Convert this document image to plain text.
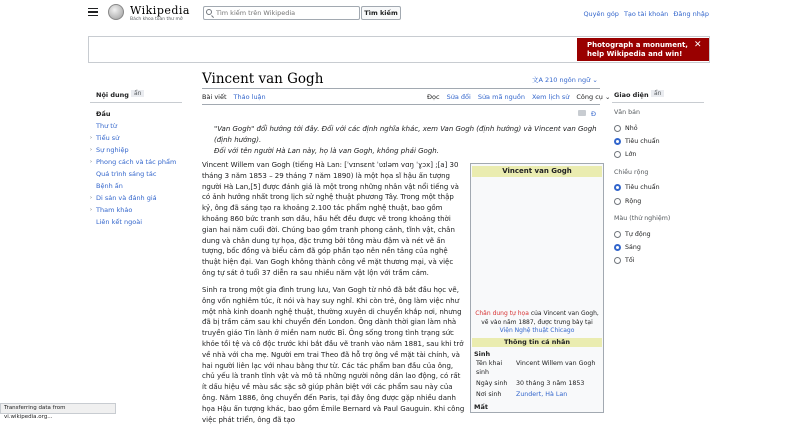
Wikipedia
Bách khoa toàn thư mở
Tìm kiếm trên Wikipedia
Tìm kiếm	Quyên góp Tạo tài khoản Đăng nhập
Photograph a monument,
help Wikipedia and win!
✕
Nội dung ẩn
Đầu
Thư từ
› Tiểu sử
› Sự nghiệp
› Phong cách và tác phẩm
Quá trình sáng tác
Bệnh ấn
› Di sản và đánh giá
› Tham khảo
Liên kết ngoài
Vincent van Gogh	文A 210 ngôn ngữ ⌄
Bài viết Thảo luận	Đọc Sửa đổi Sửa mã nguồn Xem lịch sử Công cụ ⌄
Đ
"Van Gogh" đổi hướng tới đây. Đối với các định nghĩa khác, xem Van Gogh (định hướng) và Vincent van Gogh (định hướng).
Đối với tên người Hà Lan này, họ là van Gogh, không phải Gogh.
Vincent Willem van Gogh (tiếng Hà Lan: [ˈvɪnsɛnt ˈʋɪləm vɑŋ ˈɣɔx] ;[a] 30 tháng 3 năm 1853 – 29 tháng 7 năm 1890) là một họa sĩ hậu ấn tượng người Hà Lan,[5] được đánh giá là một trong những nhân vật nổi tiếng và có ảnh hưởng nhất trong lịch sử nghệ thuật phương Tây. Trong một thập kỷ, ông đã sáng tạo ra khoảng 2.100 tác phẩm nghệ thuật, bao gồm khoảng 860 bức tranh sơn dầu, hầu hết đều được vẽ trong khoảng thời gian hai năm cuối đời. Chúng bao gồm tranh phong cảnh, tĩnh vật, chân dung và chân dung tự họa, đặc trưng bởi tông màu đậm và nét vẽ ấn tượng, bốc đồng và biểu cảm đã góp phần tạo nên nền tảng của nghệ thuật hiện đại. Van Gogh không thành công về mặt thương mại, và việc ông tự sát ở tuổi 37 diễn ra sau nhiều năm vật lộn với trầm cảm.
Sinh ra trong một gia đình trung lưu, Van Gogh từ nhỏ đã bắt đầu học vẽ, ông vốn nghiêm túc, ít nói và hay suy nghĩ. Khi còn trẻ, ông làm việc như một nhà kinh doanh nghệ thuật, thường xuyên di chuyển khắp nơi, nhưng đã bị trầm cảm sau khi chuyển đến London. Ông dành thời gian làm nhà truyền giáo Tin lành ở miền nam nước Bỉ. Ông sống trong tình trạng sức khỏe tồi tệ và cô độc trước khi bắt đầu vẽ tranh vào năm 1881, sau khi trở về nhà với cha mẹ. Người em trai Theo đã hỗ trợ ông về mặt tài chính, và hai người liên lạc với nhau bằng thư từ. Các tác phẩm ban đầu của ông, chủ yếu là tranh tĩnh vật và mô tả những người nông dân lao động, có rất ít dấu hiệu về màu sắc sặc sỡ giúp phân biệt với các phẩm sau này của ông. Năm 1886, ông chuyển đến Paris, tại đây ông được gặp nhiều danh họa Hậu ấn tượng khác, bao gồm Émile Bernard và Paul Gauguin. Khi công việc phát triển, ông đã tạo
Vincent van Gogh
Chân dung tự họa của Vincent van Gogh, vẽ vào năm 1887, được trưng bày tại Viện Nghệ thuật Chicago
Thông tin cá nhân
Sinh
Tên khai sinh
Vincent Willem van Gogh
Ngày sinh 30 tháng 3 năm 1853
Nơi sinh Zundert, Hà Lan
Mất
Giao diện ẩn
Văn bản
Nhỏ
Tiêu chuẩn
Lớn
Chiều rộng
Tiêu chuẩn
Rộng
Màu (thử nghiệm)
Tự động
Sáng
Tối
Transferring data from vi.wikipedia.org...
